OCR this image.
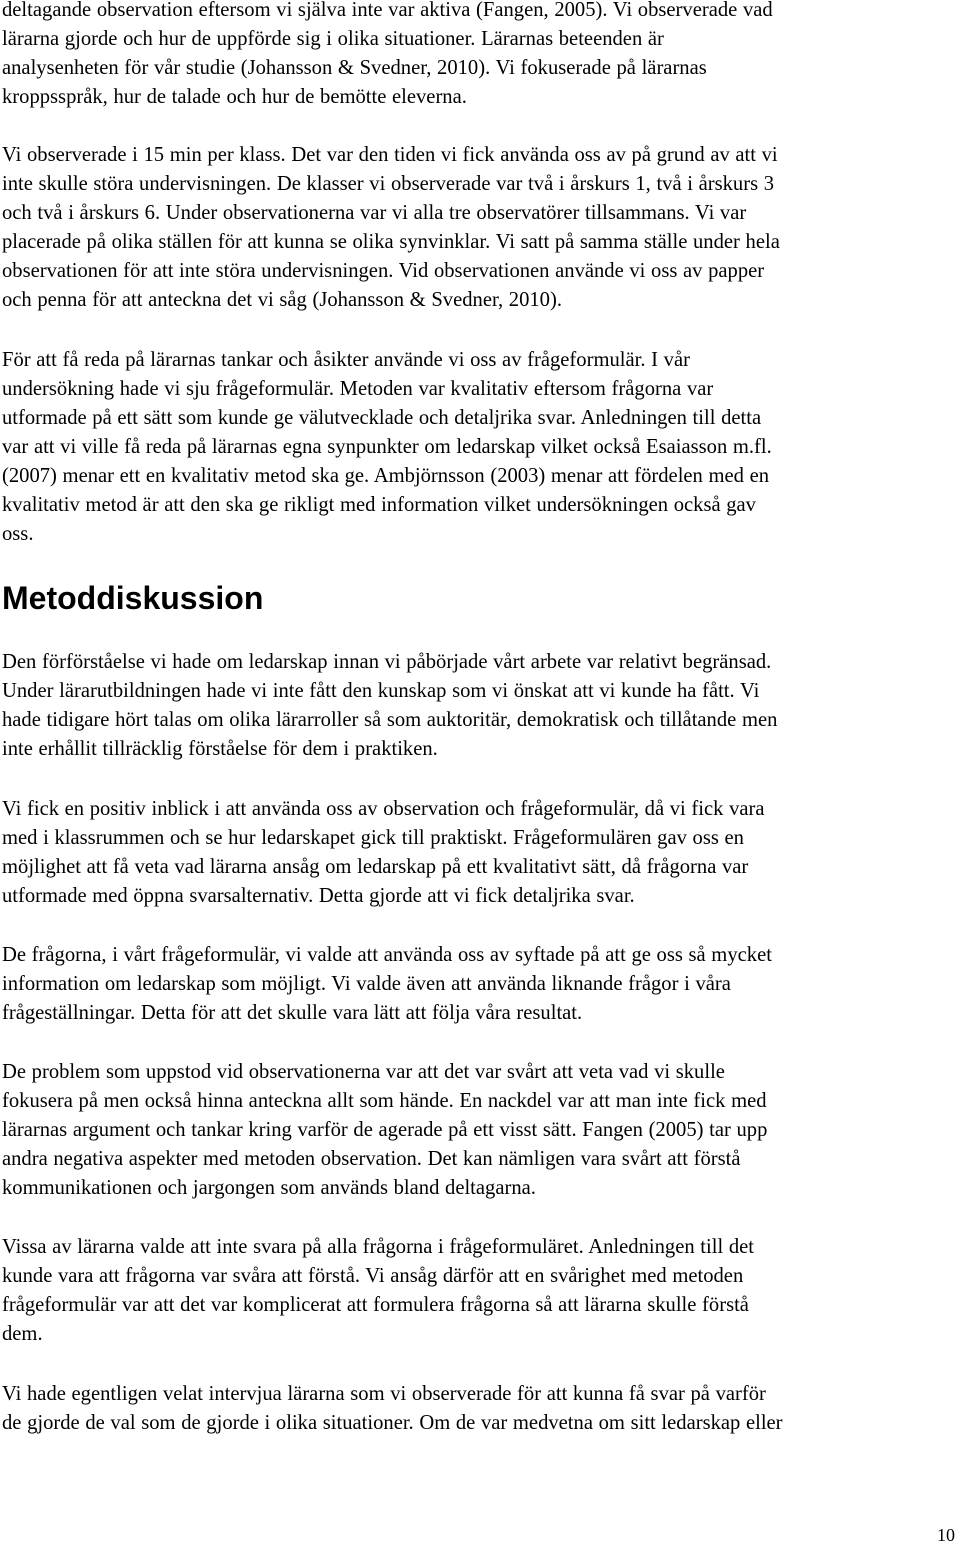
deltagande observation eftersom vi själva inte var aktiva (Fangen, 2005). Vi observerade vad
lärarna gjorde och hur de uppförde sig i olika situationer. Lärarnas beteenden är
analysenheten för vår studie (Johansson & Svedner, 2010). Vi fokuserade på lärarnas
kroppsspråk, hur de talade och hur de bemötte eleverna.
Vi observerade i 15 min per klass. Det var den tiden vi fick använda oss av på grund av att vi
inte skulle störa undervisningen. De klasser vi observerade var två i årskurs 1, två i årskurs 3
och två i årskurs 6. Under observationerna var vi alla tre observatörer tillsammans. Vi var
placerade på olika ställen för att kunna se olika synvinklar. Vi satt på samma ställe under hela
observationen för att inte störa undervisningen. Vid observationen använde vi oss av papper
och penna för att anteckna det vi såg (Johansson & Svedner, 2010).
För att få reda på lärarnas tankar och åsikter använde vi oss av frågeformulär. I vår
undersökning hade vi sju frågeformulär. Metoden var kvalitativ eftersom frågorna var
utformade på ett sätt som kunde ge välutvecklade och detaljrika svar. Anledningen till detta
var att vi ville få reda på lärarnas egna synpunkter om ledarskap vilket också Esaiasson m.fl.
(2007) menar ett en kvalitativ metod ska ge. Ambjörnsson (2003) menar att fördelen med en
kvalitativ metod är att den ska ge rikligt med information vilket undersökningen också gav
oss.
Metoddiskussion
Den förförståelse vi hade om ledarskap innan vi påbörjade vårt arbete var relativt begränsad.
Under lärarutbildningen hade vi inte fått den kunskap som vi önskat att vi kunde ha fått. Vi
hade tidigare hört talas om olika lärarroller så som auktoritär, demokratisk och tillåtande men
inte erhållit tillräcklig förståelse för dem i praktiken.
Vi fick en positiv inblick i att använda oss av observation och frågeformulär, då vi fick vara
med i klassrummen och se hur ledarskapet gick till praktiskt. Frågeformulären gav oss en
möjlighet att få veta vad lärarna ansåg om ledarskap på ett kvalitativt sätt, då frågorna var
utformade med öppna svarsalternativ. Detta gjorde att vi fick detaljrika svar.
De frågorna, i vårt frågeformulär, vi valde att använda oss av syftade på att ge oss så mycket
information om ledarskap som möjligt. Vi valde även att använda liknande frågor i våra
frågeställningar. Detta för att det skulle vara lätt att följa våra resultat.
De problem som uppstod vid observationerna var att det var svårt att veta vad vi skulle
fokusera på men också hinna anteckna allt som hände. En nackdel var att man inte fick med
lärarnas argument och tankar kring varför de agerade på ett visst sätt. Fangen (2005) tar upp
andra negativa aspekter med metoden observation. Det kan nämligen vara svårt att förstå
kommunikationen och jargongen som används bland deltagarna.
Vissa av lärarna valde att inte svara på alla frågorna i frågeformuläret. Anledningen till det
kunde vara att frågorna var svåra att förstå. Vi ansåg därför att en svårighet med metoden
frågeformulär var att det var komplicerat att formulera frågorna så att lärarna skulle förstå
dem.
Vi hade egentligen velat intervjua lärarna som vi observerade för att kunna få svar på varför
de gjorde de val som de gjorde i olika situationer. Om de var medvetna om sitt ledarskap eller
10
